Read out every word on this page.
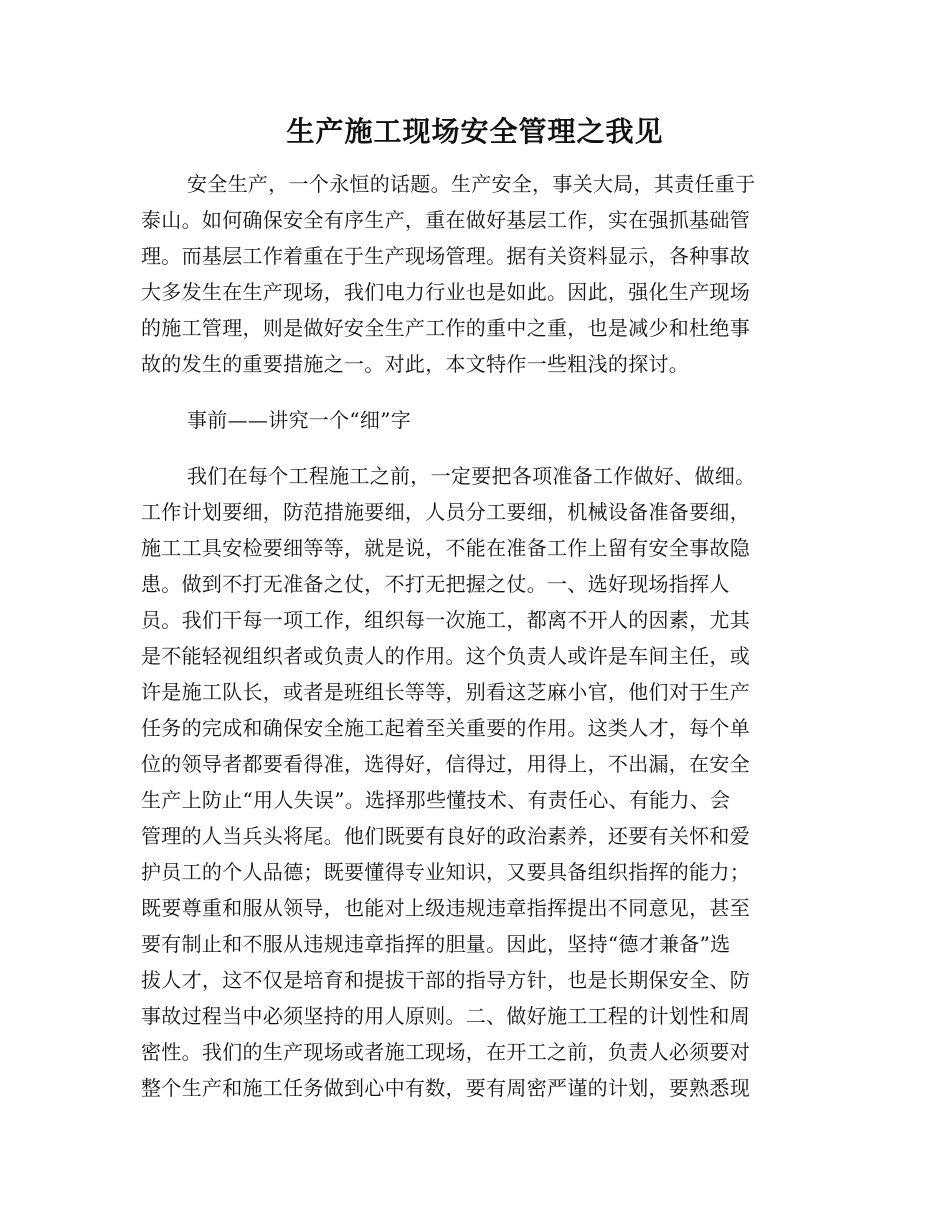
生产施工现场安全管理之我见
安全生产，一个永恒的话题。生产安全，事关大局，其责任重于
泰山。如何确保安全有序生产，重在做好基层工作，实在强抓基础管
理。而基层工作着重在于生产现场管理。据有关资料显示，各种事故
大多发生在生产现场，我们电力行业也是如此。因此，强化生产现场
的施工管理，则是做好安全生产工作的重中之重，也是减少和杜绝事
故的发生的重要措施之一。对此，本文特作一些粗浅的探讨。
事前——讲究一个“细”字
我们在每个工程施工之前，一定要把各项准备工作做好、做细。
工作计划要细，防范措施要细，人员分工要细，机械设备准备要细，
施工工具安检要细等等，就是说，不能在准备工作上留有安全事故隐
患。做到不打无准备之仗，不打无把握之仗。一、选好现场指挥人
员。我们干每一项工作，组织每一次施工，都离不开人的因素，尤其
是不能轻视组织者或负责人的作用。这个负责人或许是车间主任，或
许是施工队长，或者是班组长等等，别看这芝麻小官，他们对于生产
任务的完成和确保安全施工起着至关重要的作用。这类人才，每个单
位的领导者都要看得准，选得好，信得过，用得上，不出漏，在安全
生产上防止“用人失误”。选择那些懂技术、有责任心、有能力、会
管理的人当兵头将尾。他们既要有良好的政治素养，还要有关怀和爱
护员工的个人品德；既要懂得专业知识，又要具备组织指挥的能力；
既要尊重和服从领导，也能对上级违规违章指挥提出不同意见，甚至
要有制止和不服从违规违章指挥的胆量。因此，坚持“德才兼备”选
拔人才，这不仅是培育和提拔干部的指导方针，也是长期保安全、防
事故过程当中必须坚持的用人原则。二、做好施工工程的计划性和周
密性。我们的生产现场或者施工现场，在开工之前，负责人必须要对
整个生产和施工任务做到心中有数，要有周密严谨的计划，要熟悉现
